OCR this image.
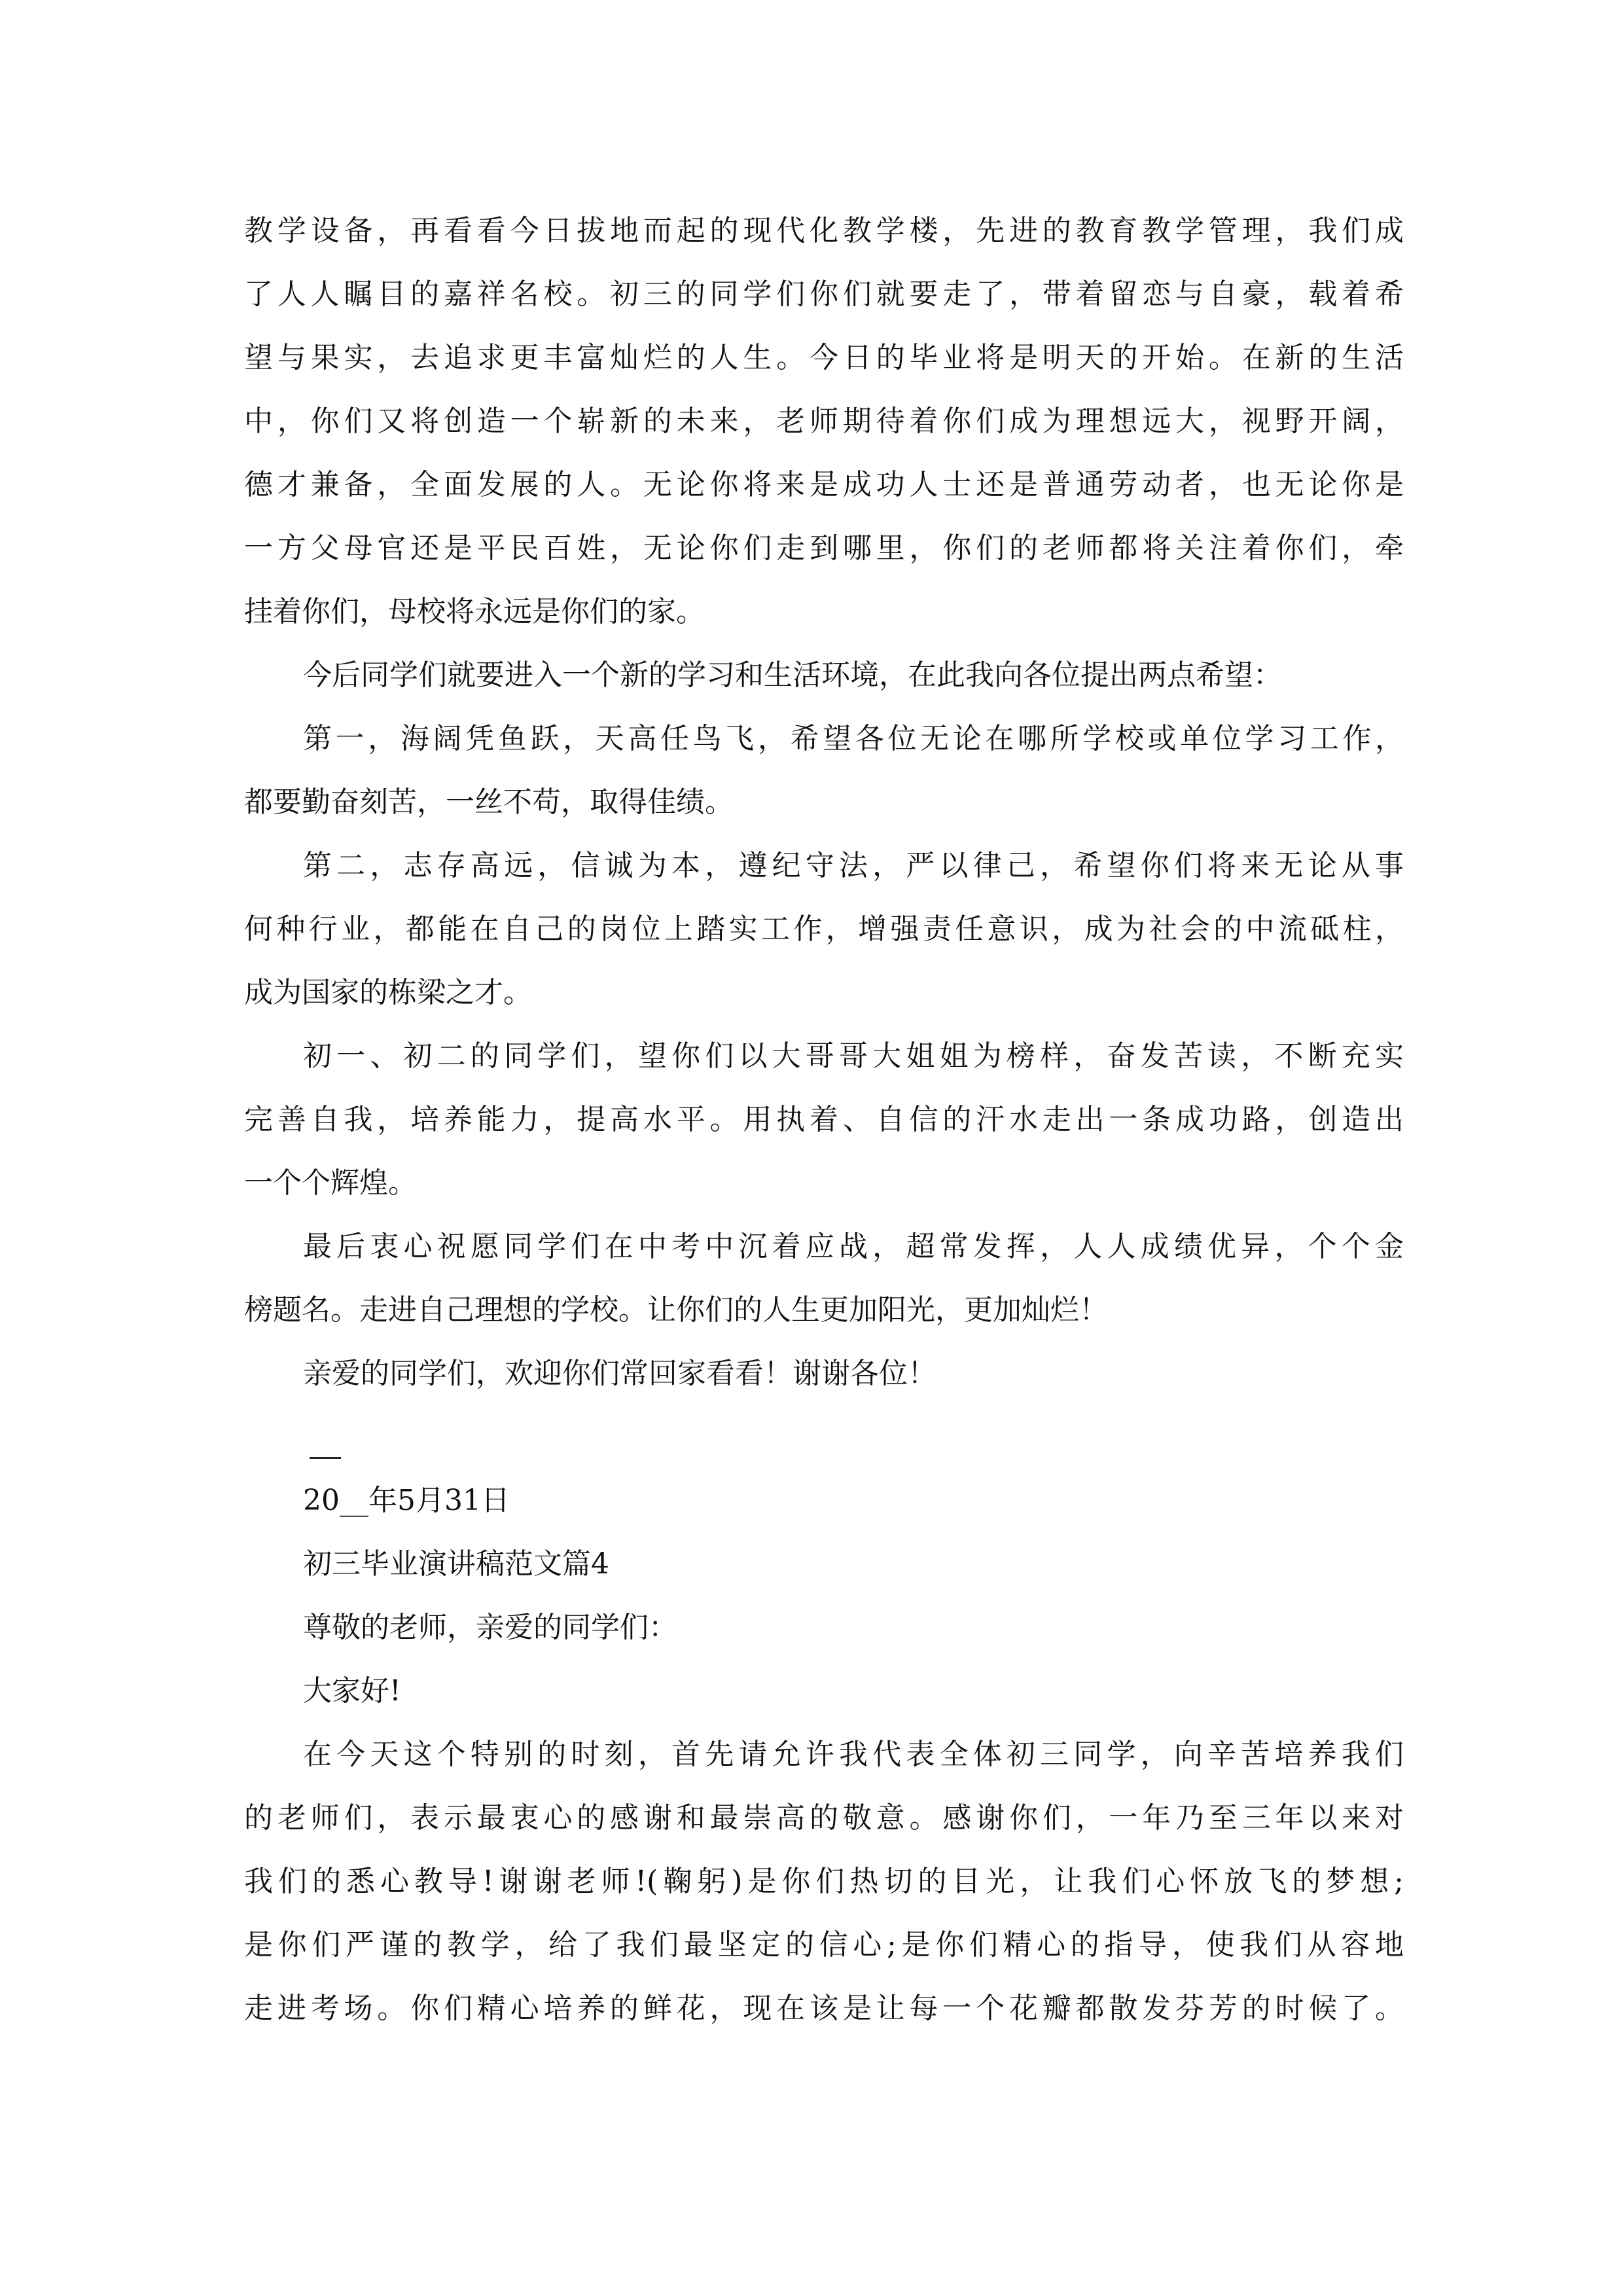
教学设备，再看看今日拔地而起的现代化教学楼，先进的教育教学管理，我们成
了人人瞩目的嘉祥名校。初三的同学们你们就要走了，带着留恋与自豪，载着希
望与果实，去追求更丰富灿烂的人生。今日的毕业将是明天的开始。在新的生活
中，你们又将创造一个崭新的未来，老师期待着你们成为理想远大，视野开阔，
德才兼备，全面发展的人。无论你将来是成功人士还是普通劳动者，也无论你是
一方父母官还是平民百姓，无论你们走到哪里，你们的老师都将关注着你们，牵
挂着你们，母校将永远是你们的家。
今后同学们就要进入一个新的学习和生活环境，在此我向各位提出两点希望：
第一，海阔凭鱼跃，天高任鸟飞，希望各位无论在哪所学校或单位学习工作，
都要勤奋刻苦，一丝不苟，取得佳绩。
第二，志存高远，信诚为本，遵纪守法，严以律己，希望你们将来无论从事
何种行业，都能在自己的岗位上踏实工作，增强责任意识，成为社会的中流砥柱，
成为国家的栋梁之才。
初一、初二的同学们，望你们以大哥哥大姐姐为榜样，奋发苦读，不断充实
完善自我，培养能力，提高水平。用执着、自信的汗水走出一条成功路，创造出
一个个辉煌。
最后衷心祝愿同学们在中考中沉着应战，超常发挥，人人成绩优异，个个金
榜题名。走进自己理想的学校。让你们的人生更加阳光，更加灿烂！
亲爱的同学们，欢迎你们常回家看看！谢谢各位！
20__年5月31日
初三毕业演讲稿范文篇4
尊敬的老师，亲爱的同学们：
大家好!
在今天这个特别的时刻，首先请允许我代表全体初三同学，向辛苦培养我们
的老师们，表示最衷心的感谢和最崇高的敬意。感谢你们，一年乃至三年以来对
我们的悉心教导!谢谢老师!(鞠躬)是你们热切的目光，让我们心怀放飞的梦想;
是你们严谨的教学，给了我们最坚定的信心;是你们精心的指导，使我们从容地
走进考场。你们精心培养的鲜花，现在该是让每一个花瓣都散发芬芳的时候了。
